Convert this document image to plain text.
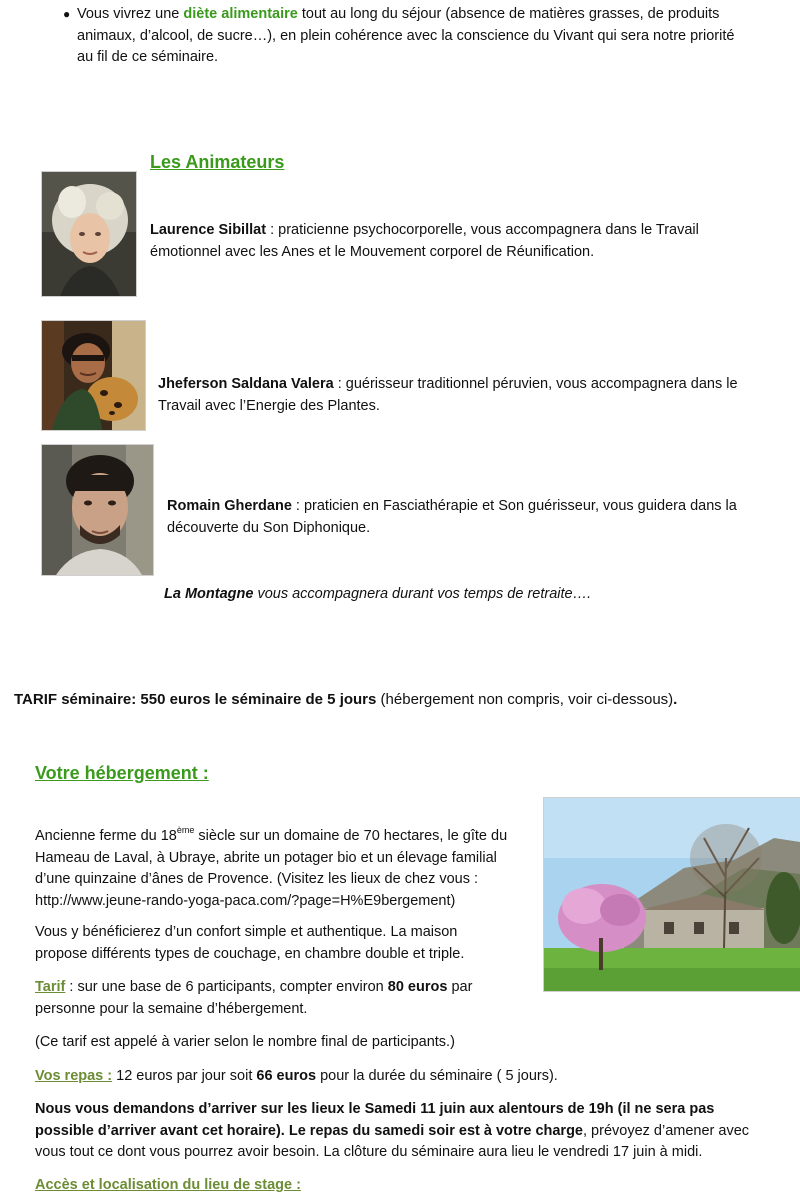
● Vous vivrez une diète alimentaire tout au long du séjour (absence de matières grasses, de produits animaux, d’alcool, de sucre…), en plein cohérence avec la conscience du Vivant qui sera notre priorité au fil de ce séminaire.

Les Animateurs

Laurence Sibillat : praticienne psychocorporelle, vous accompagnera dans le Travail émotionnel avec les Anes et le Mouvement corporel de Réunification.

Jheferson Saldana Valera : guérisseur traditionnel péruvien, vous accompagnera dans le Travail avec l’Energie des Plantes.

Romain Gherdane : praticien en Fasciathérapie et Son guérisseur, vous guidera dans la découverte du Son Diphonique.

La Montagne vous accompagnera durant vos temps de retraite….

TARIF séminaire: 550 euros le séminaire de 5 jours (hébergement non compris, voir ci-dessous).

Votre hébergement :

Ancienne ferme du 18ème siècle sur un domaine de 70 hectares, le gîte du Hameau de Laval, à Ubraye, abrite un potager bio et un élevage familial d’une quinzaine d’ânes de Provence. (Visitez les lieux de chez vous : http://www.jeune-rando-yoga-paca.com/?page=H%E9bergement)

Vous y bénéficierez d’un confort simple et authentique. La maison propose différents types de couchage, en chambre double et triple.

Tarif : sur une base de 6 participants, compter environ 80 euros par personne pour la semaine d’hébergement.

(Ce tarif est appelé à varier selon le nombre final de participants.)

Vos repas : 12 euros par jour soit 66 euros pour la durée du séminaire ( 5 jours).

Nous vous demandons d’arriver sur les lieux le Samedi 11 juin aux alentours de 19h (il ne sera pas possible d’arriver avant cet horaire). Le repas du samedi soir est à votre charge, prévoyez d’amener avec vous tout ce dont vous pourrez avoir besoin. La clôture du séminaire aura lieu le vendredi 17 juin à midi.

Accès et localisation du lieu de stage :
